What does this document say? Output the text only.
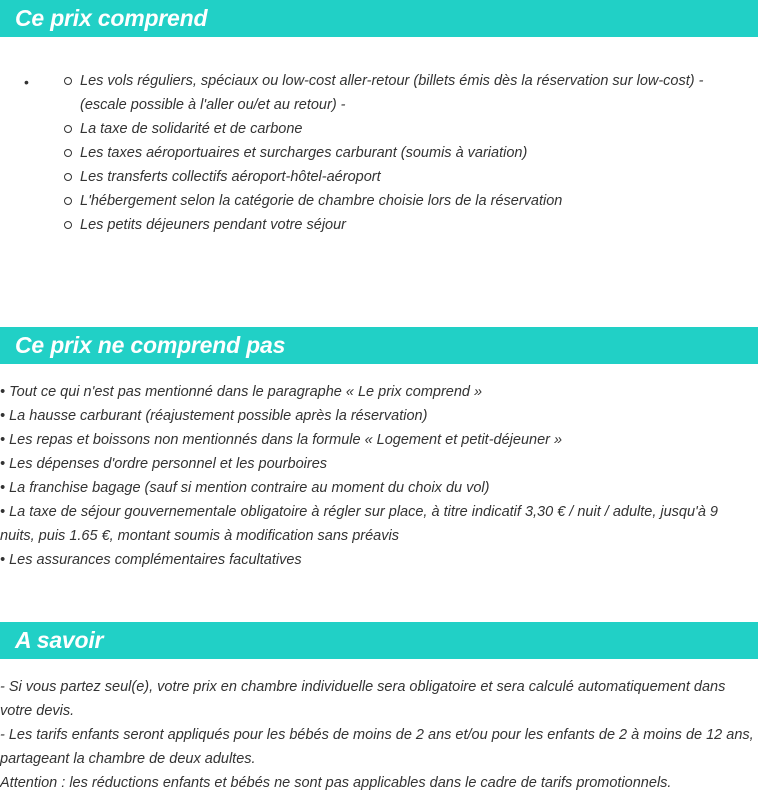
Ce prix comprend
•	Les vols réguliers, spéciaux ou low-cost aller-retour (billets émis dès la réservation sur low-cost) - (escale possible à l'aller ou/et au retour) -
La taxe de solidarité et de carbone
Les taxes aéroportuaires et surcharges carburant (soumis à variation)
Les transferts collectifs aéroport-hôtel-aéroport
L'hébergement selon la catégorie de chambre choisie lors de la réservation
Les petits déjeuners pendant votre séjour
Ce prix ne comprend pas
• Tout ce qui n'est pas mentionné dans le paragraphe « Le prix comprend »
• La hausse carburant (réajustement possible après la réservation)
• Les repas et boissons non mentionnés dans la formule « Logement et petit-déjeuner »
• Les dépenses d'ordre personnel et les pourboires
• La franchise bagage (sauf si mention contraire au moment du choix du vol)
• La taxe de séjour gouvernementale obligatoire à régler sur place, à titre indicatif 3,30 € / nuit / adulte, jusqu'à 9 nuits, puis 1.65 €, montant soumis à modification sans préavis
• Les assurances complémentaires facultatives
A savoir
- Si vous partez seul(e), votre prix en chambre individuelle sera obligatoire et sera calculé automatiquement dans votre devis.
- Les tarifs enfants seront appliqués pour les bébés de moins de 2 ans et/ou pour les enfants de 2 à moins de 12 ans, partageant la chambre de deux adultes.
Attention : les réductions enfants et bébés ne sont pas applicables dans le cadre de tarifs promotionnels.
